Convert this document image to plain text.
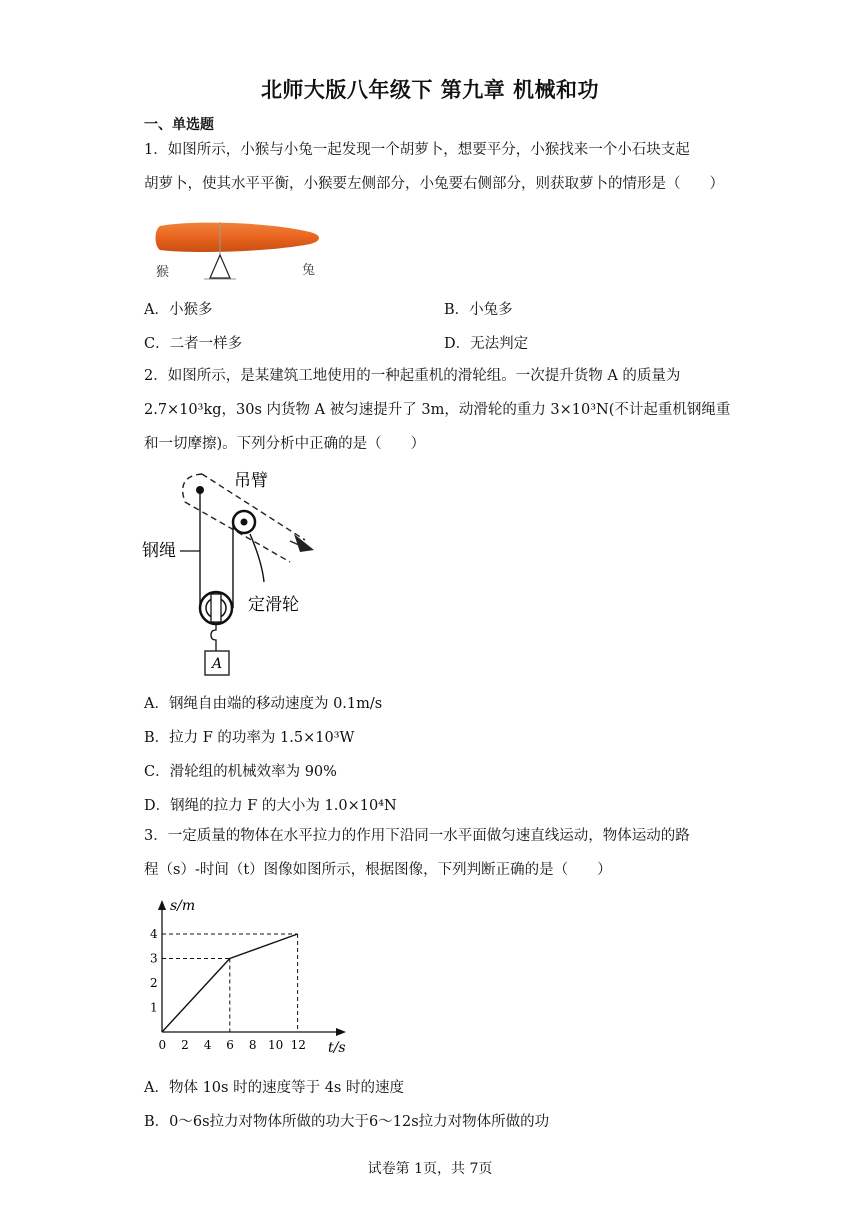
北师大版八年级下 第九章 机械和功
一、单选题
1．如图所示，小猴与小兔一起发现一个胡萝卜，想要平分，小猴找来一个小石块支起
胡萝卜，使其水平平衡，小猴要左侧部分，小兔要右侧部分，则获取萝卜的情形是（　　）
猴	兔
A．小猴多	B．小兔多
C．二者一样多	D．无法判定
2．如图所示，是某建筑工地使用的一种起重机的滑轮组。一次提升货物 A 的质量为
2.7×10³kg，30s 内货物 A 被匀速提升了 3m，动滑轮的重力 3×10³N(不计起重机钢绳重
和一切摩擦)。下列分析中正确的是（　　）
A
吊臂
钢绳
定滑轮
A．钢绳自由端的移动速度为 0.1m/s
B．拉力 F 的功率为 1.5×10³W
C．滑轮组的机械效率为 90%
D．钢绳的拉力 F 的大小为 1.0×10⁴N
3．一定质量的物体在水平拉力的作用下沿同一水平面做匀速直线运动，物体运动的路
程（s）-时间（t）图像如图所示，根据图像，下列判断正确的是（　　）
s/m
t/s
0 2 4 6 8 10 12
1
2
3
4
A．物体 10s 时的速度等于 4s 时的速度
B．0～6s拉力对物体所做的功大于6～12s拉力对物体所做的功
试卷第 1页，共 7页
